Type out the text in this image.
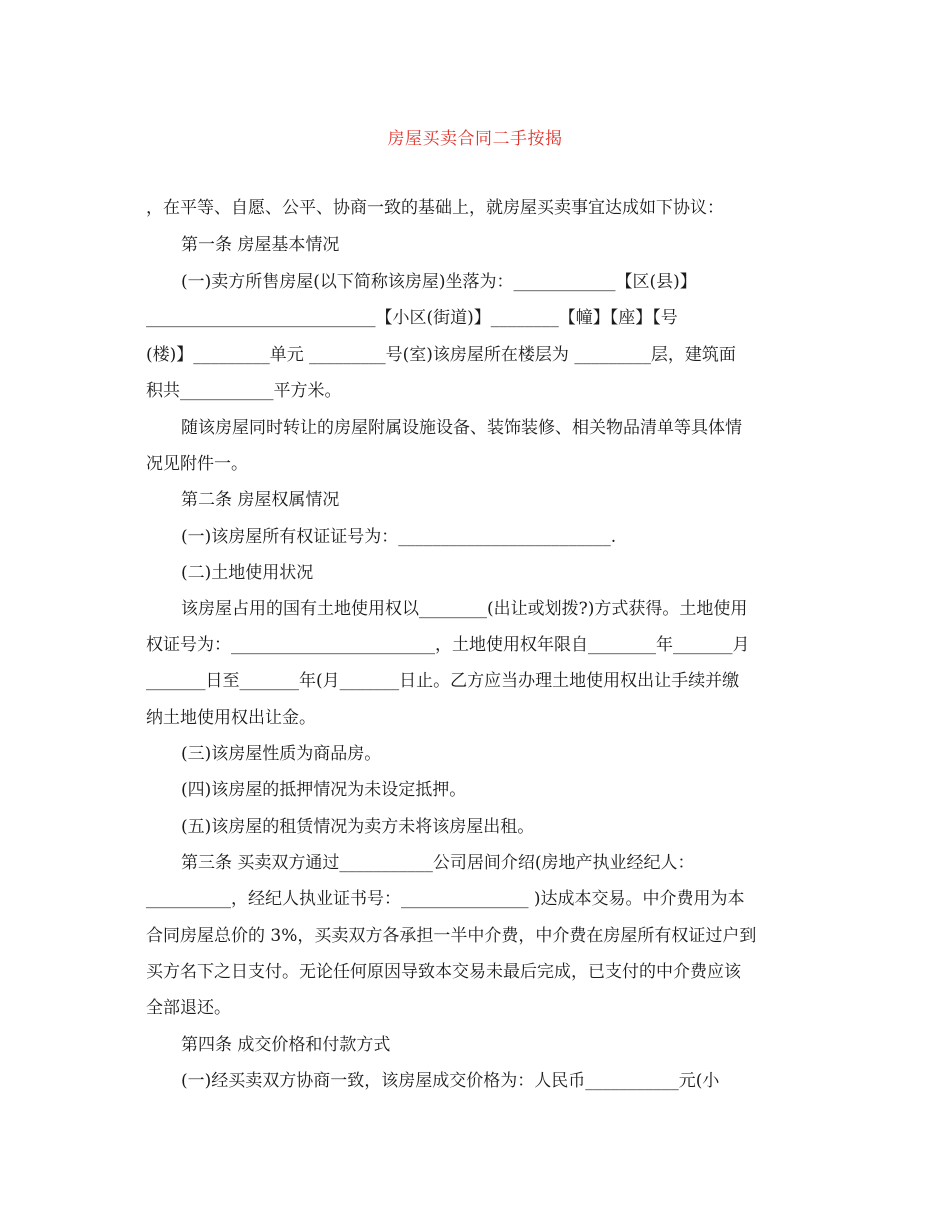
房屋买卖合同二手按揭
，在平等、自愿、公平、协商一致的基础上，就房屋买卖事宜达成如下协议：
第一条 房屋基本情况
(一)卖方所售房屋(以下简称该房屋)坐落为：____________【区(县)】
___________________________【小区(街道)】________【幢】【座】【号
(楼)】_________单元 _________号(室)该房屋所在楼层为 _________层，建筑面
积共___________平方米。
随该房屋同时转让的房屋附属设施设备、装饰装修、相关物品清单等具体情
况见附件一。
第二条 房屋权属情况
(一)该房屋所有权证证号为：_________________________.
(二)土地使用状况
该房屋占用的国有土地使用权以________(出让或划拨?)方式获得。土地使用
权证号为：________________________，土地使用权年限自________年_______月
_______日至_______年(月_______日止。乙方应当办理土地使用权出让手续并缴
纳土地使用权出让金。
(三)该房屋性质为商品房。
(四)该房屋的抵押情况为未设定抵押。
(五)该房屋的租赁情况为卖方未将该房屋出租。
第三条 买卖双方通过___________公司居间介绍(房地产执业经纪人：
__________，经纪人执业证书号：_______________ )达成本交易。中介费用为本
合同房屋总价的 3%，买卖双方各承担一半中介费，中介费在房屋所有权证过户到
买方名下之日支付。无论任何原因导致本交易未最后完成，已支付的中介费应该
全部退还。
第四条 成交价格和付款方式
(一)经买卖双方协商一致，该房屋成交价格为：人民币___________元(小
